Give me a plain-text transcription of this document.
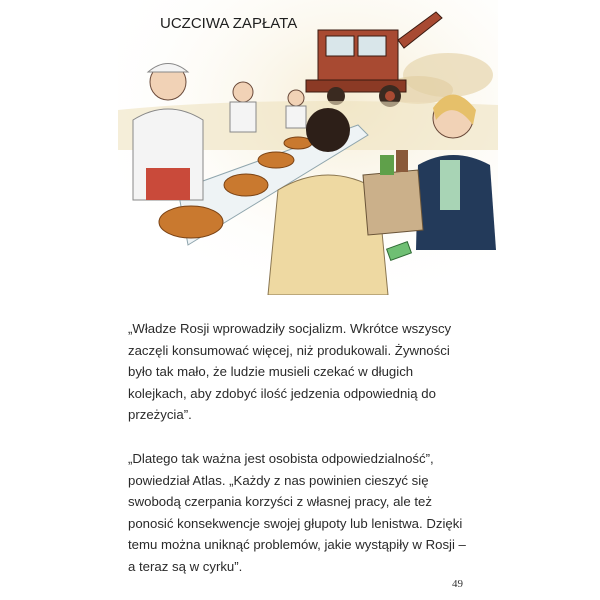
UCZCIWA ZAPŁATA
„Władze Rosji wprowadziły socjalizm. Wkrótce wszyscy
zaczęli konsumować więcej, niż produkowali. Żywności
było tak mało, że ludzie musieli czekać w długich
kolejkach, aby zdobyć ilość jedzenia odpowiednią do
przeżycia”.
„Dlatego tak ważna jest osobista odpowiedzialność”,
powiedział Atlas. „Każdy z nas powinien cieszyć się
swobodą czerpania korzyści z własnej pracy, ale też
ponosić konsekwencje swojej głupoty lub lenistwa. Dzięki
temu można uniknąć problemów, jakie wystąpiły w Rosji –
a teraz są w cyrku”.
49
